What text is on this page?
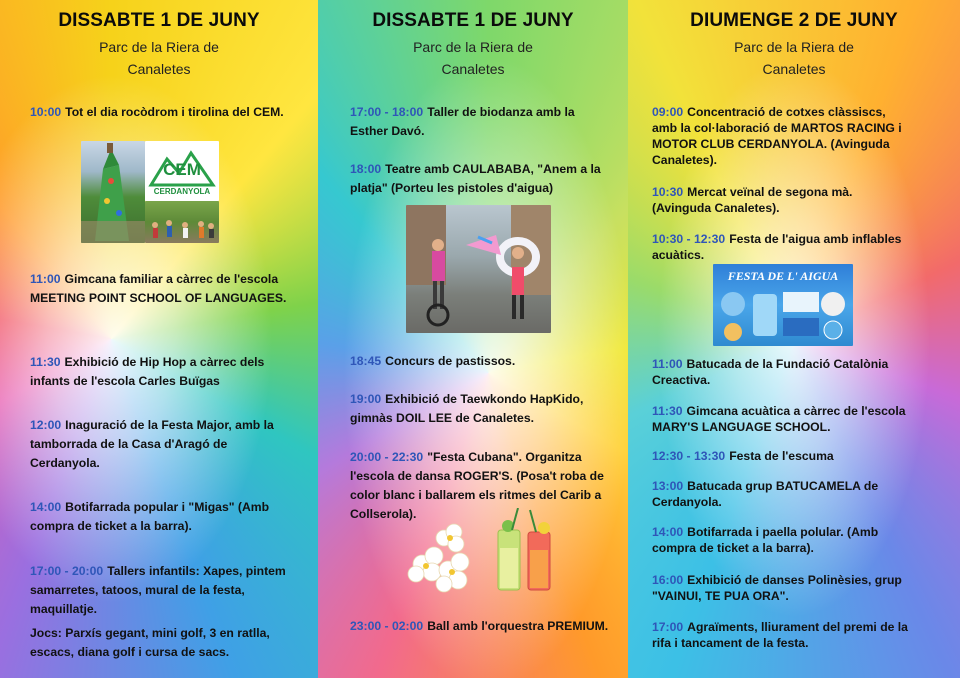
DISSABTE 1 DE JUNY
Parc de la Riera de
Canaletes
10:00 Tot el dia rocòdrom i tirolina del CEM.
CEM
CERDANYOLA
11:00 Gimcana familiar a càrrec de l'escola MEETING POINT SCHOOL OF LANGUAGES.
11:30 Exhibició de Hip Hop a càrrec dels infants de l'escola Carles Buïgas
12:00 Inaguració de la Festa Major, amb la tamborrada de la Casa d'Aragó de Cerdanyola.
14:00 Botifarrada popular i "Migas" (Amb compra de ticket a la barra).
17:00 - 20:00 Tallers infantils: Xapes, pintem samarretes, tatoos, mural de la festa, maquillatje.
Jocs: Parxís gegant, mini golf, 3 en ratlla, escacs, diana golf i cursa de sacs.
DISSABTE 1 DE JUNY
Parc de la Riera de
Canaletes
17:00 - 18:00 Taller de biodanza amb la Esther Davó.
18:00 Teatre amb CAULABABA, "Anem a la platja" (Porteu les pistoles d'aigua)
18:45 Concurs de pastissos.
19:00 Exhibició de Taewkondo HapKido, gimnàs DOIL LEE de Canaletes.
20:00 - 22:30 "Festa Cubana". Organitza l'escola de dansa ROGER'S. (Posa't roba de color blanc i ballarem els ritmes del Carib a Collserola).
23:00 - 02:00 Ball amb l'orquestra PREMIUM.
DIUMENGE 2 DE JUNY
Parc de la Riera de
Canaletes
09:00 Concentració de cotxes clàssiscs, amb la col·laboració de MARTOS RACING i MOTOR CLUB CERDANYOLA. (Avinguda Canaletes).
10:30 Mercat veïnal de segona mà. (Avinguda Canaletes).
10:30 - 12:30 Festa de l'aigua amb inflables acuàtics.
FESTA DE L' AIGUA
11:00 Batucada de la Fundació Catalònia Creactiva.
11:30 Gimcana acuàtica a càrrec de l'escola MARY'S LANGUAGE SCHOOL.
12:30 - 13:30 Festa de l'escuma
13:00 Batucada grup BATUCAMELA de Cerdanyola.
14:00 Botifarrada i paella polular. (Amb compra de ticket a la barra).
16:00 Exhibició de danses Polinèsies, grup "VAINUI, TE PUA ORA".
17:00 Agraïments, lliurament del premi de la rifa i tancament de la festa.
